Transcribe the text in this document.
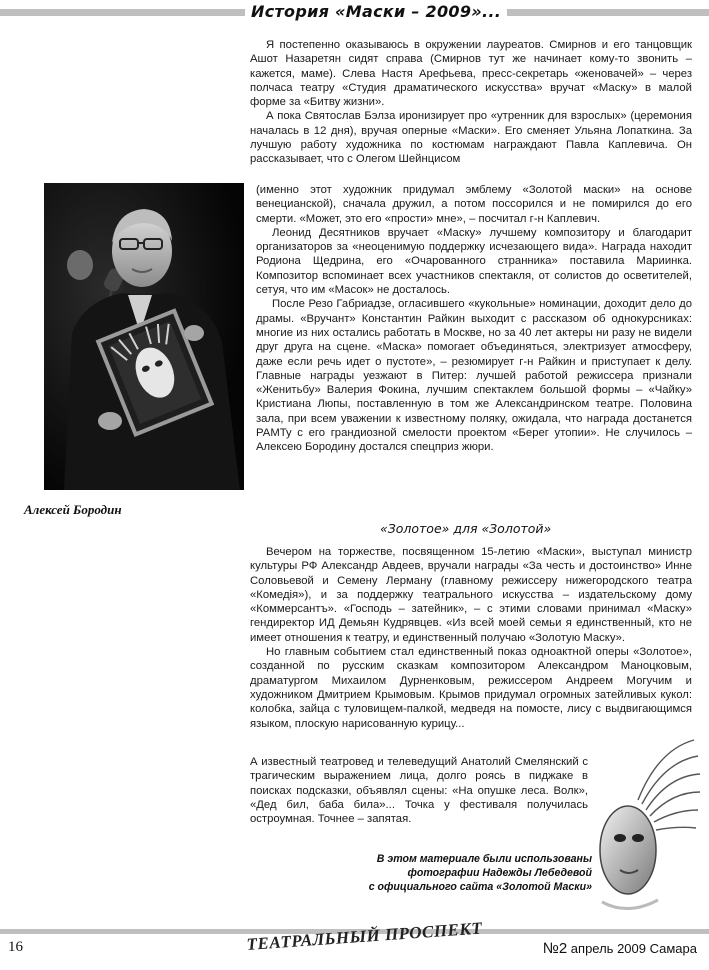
История «Маски – 2009»...
Алексей Бородин

Я постепенно оказываюсь в окружении лауреатов. Смирнов и его танцовщик Ашот Назаретян сидят справа (Смирнов тут же начинает кому-то звонить – кажется, маме). Слева Настя Арефьева, пресс-секретарь «женовачей» – через полчаса театру «Студия драматического искусства» вручат «Маску» в малой форме за «Битву жизни».

А пока Святослав Бэлза иронизирует про «утренник для взрослых» (церемония началась в 12 дня), вручая оперные «Маски». Его сменяет Ульяна Лопаткина. За лучшую работу художника по костюмам награждают Павла Каплевича. Он рассказывает, что с Олегом Шейнцисом

(именно этот художник придумал эмблему «Золотой маски» на основе венецианской), сначала дружил, а потом поссорился и не помирился до его смерти. «Может, это его «прости» мне», – посчитал г-н Каплевич.

Леонид Десятников вручает «Маску» лучшему композитору и благодарит организаторов за «неоценимую поддержку исчезающего вида». Награда находит Родиона Щедрина, его «Очарованного странника» поставила Мариинка. Композитор вспоминает всех участников спектакля, от солистов до осветителей, сетуя, что им «Масок» не досталось.

После Резо Габриадзе, огласившего «кукольные» номинации, доходит дело до драмы. «Вручант» Константин Райкин выходит с рассказом об однокурсниках: многие из них остались работать в Москве, но за 40 лет актеры ни разу не видели друг друга на сцене. «Маска» помогает объединяться, электризует атмосферу, даже если речь идет о пустоте», – резюмирует г-н Райкин и приступает к делу. Главные награды уезжают в Питер: лучшей работой режиссера признали «Женитьбу» Валерия Фокина, лучшим спектаклем большой формы – «Чайку» Кристиана Люпы, поставленную в том же Александринском театре. Половина зала, при всем уважении к известному поляку, ожидала, что награда достанется РАМТу с его грандиозной смелости проектом «Берег утопии». Не случилось – Алексею Бородину достался спецприз жюри.

«Золотое» для «Золотой»

Вечером на торжестве, посвященном 15-летию «Маски», выступал министр культуры РФ Александр Авдеев, вручали награды «За честь и достоинство» Инне Соловьевой и Семену Лерману (главному режиссеру нижегородского театра «Комедія»), и за поддержку театрального искусства – издательскому дому «Коммерсантъ». «Господь – затейник», – с этими словами принимал «Маску» гендиректор ИД Демьян Кудрявцев. «Из всей моей семьи я единственный, кто не имеет отношения к театру, и единственный получаю «Золотую Маску».

Но главным событием стал единственный показ одноактной оперы «Золотое», созданной по русским сказкам композитором Александром Маноцковым, драматургом Михаилом Дурненковым, режиссером Андреем Могучим и художником Дмитрием Крымовым. Крымов придумал огромных затейливых кукол: колобка, зайца с туловищем-палкой, медведя на помосте, лису с выдвигающимся языком, плоскую нарисованную курицу...

А известный театровед и телеведущий Анатолий Смелянский с трагическим выражением лица, долго роясь в пиджаке в поисках подсказки, объявлял сцены: «На опушке леса. Волк», «Дед бил, баба била»... Точка у фестиваля получилась остроумная. Точнее – запятая.

В этом материале были использованы
фотографии Надежды Лебедевой
с официального сайта «Золотой Маски»
16	ТЕАТРАЛЬНЫЙ ПРОСПЕКТ	№2 апрель 2009 Самара
